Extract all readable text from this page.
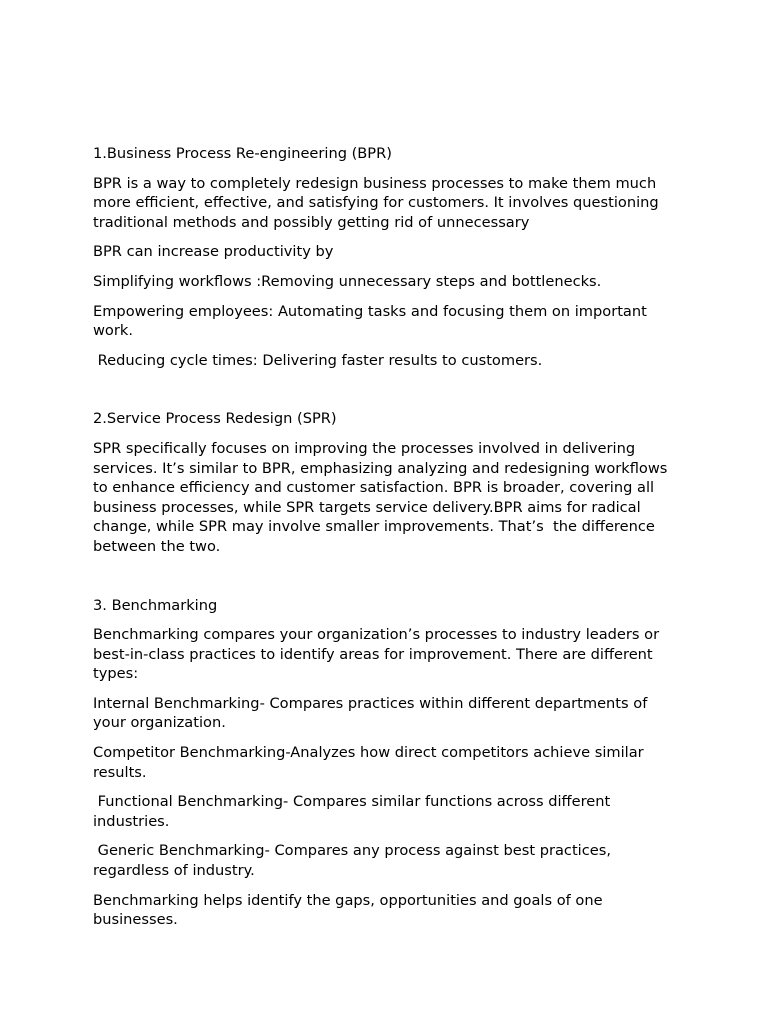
1.Business Process Re-engineering (BPR)

BPR is a way to completely redesign business processes to make them much more efficient, effective, and satisfying for customers. It involves questioning traditional methods and possibly getting rid of unnecessary

BPR can increase productivity by

Simplifying workflows :Removing unnecessary steps and bottlenecks.

Empowering employees: Automating tasks and focusing them on important work.

Reducing cycle times: Delivering faster results to customers.

2.Service Process Redesign (SPR)

SPR specifically focuses on improving the processes involved in delivering services. It’s similar to BPR, emphasizing analyzing and redesigning workflows to enhance efficiency and customer satisfaction. BPR is broader, covering all business processes, while SPR targets service delivery.BPR aims for radical change, while SPR may involve smaller improvements. That’s  the difference between the two.

3. Benchmarking

Benchmarking compares your organization’s processes to industry leaders or best-in-class practices to identify areas for improvement. There are different types:

Internal Benchmarking- Compares practices within different departments of your organization.

Competitor Benchmarking-Analyzes how direct competitors achieve similar results.

Functional Benchmarking- Compares similar functions across different industries.

Generic Benchmarking- Compares any process against best practices, regardless of industry.

Benchmarking helps identify the gaps, opportunities and goals of one businesses.
